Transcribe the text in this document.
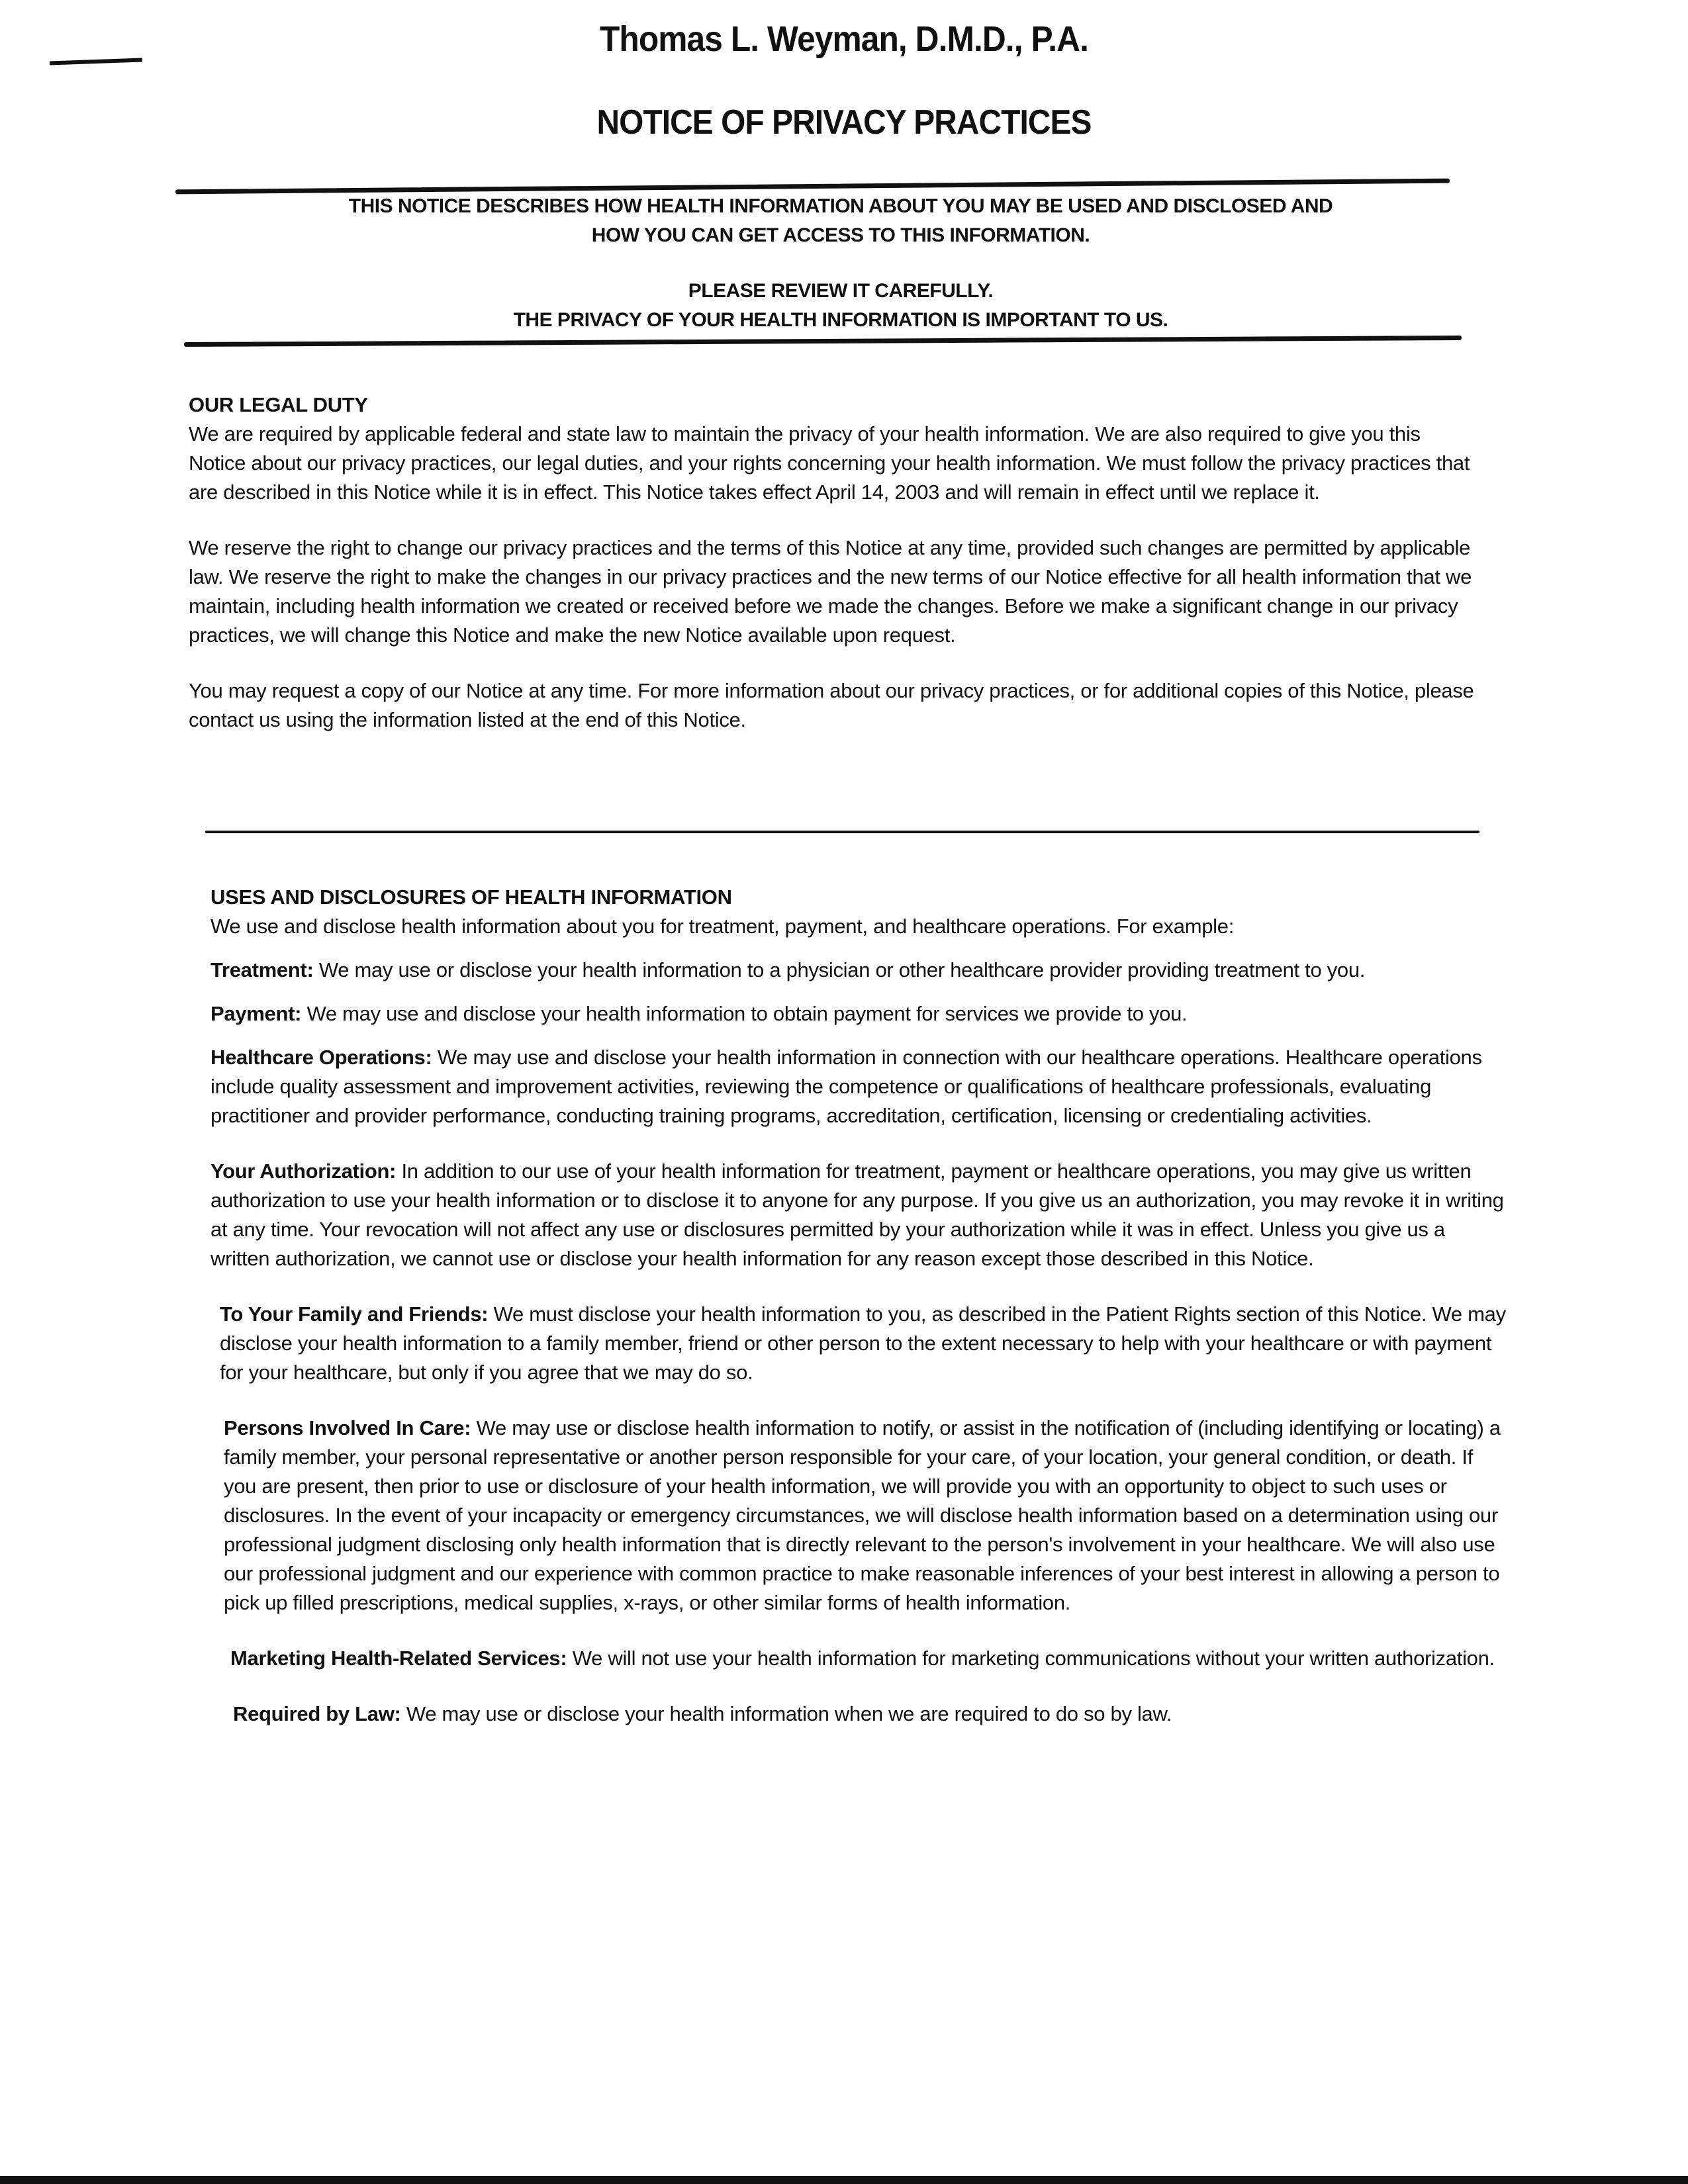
Thomas L. Weyman, D.M.D., P.A.
NOTICE OF PRIVACY PRACTICES
THIS NOTICE DESCRIBES HOW HEALTH INFORMATION ABOUT YOU MAY BE USED AND DISCLOSED AND
HOW YOU CAN GET ACCESS TO THIS INFORMATION.
PLEASE REVIEW IT CAREFULLY.
THE PRIVACY OF YOUR HEALTH INFORMATION IS IMPORTANT TO US.
OUR LEGAL DUTY

We are required by applicable federal and state law to maintain the privacy of your health information. We are also required to give you this Notice about our privacy practices, our legal duties, and your rights concerning your health information. We must follow the privacy practices that are described in this Notice while it is in effect. This Notice takes effect April 14, 2003 and will remain in effect until we replace it.

We reserve the right to change our privacy practices and the terms of this Notice at any time, provided such changes are permitted by applicable law. We reserve the right to make the changes in our privacy practices and the new terms of our Notice effective for all health information that we maintain, including health information we created or received before we made the changes. Before we make a significant change in our privacy practices, we will change this Notice and make the new Notice available upon request.

You may request a copy of our Notice at any time. For more information about our privacy practices, or for additional copies of this Notice, please contact us using the information listed at the end of this Notice.

USES AND DISCLOSURES OF HEALTH INFORMATION

We use and disclose health information about you for treatment, payment, and healthcare operations. For example:

Treatment: We may use or disclose your health information to a physician or other healthcare provider providing treatment to you.

Payment: We may use and disclose your health information to obtain payment for services we provide to you.

Healthcare Operations: We may use and disclose your health information in connection with our healthcare operations. Healthcare operations include quality assessment and improvement activities, reviewing the competence or qualifications of healthcare professionals, evaluating practitioner and provider performance, conducting training programs, accreditation, certification, licensing or credentialing activities.

Your Authorization: In addition to our use of your health information for treatment, payment or healthcare operations, you may give us written authorization to use your health information or to disclose it to anyone for any purpose. If you give us an authorization, you may revoke it in writing at any time. Your revocation will not affect any use or disclosures permitted by your authorization while it was in effect. Unless you give us a written authorization, we cannot use or disclose your health information for any reason except those described in this Notice.

To Your Family and Friends: We must disclose your health information to you, as described in the Patient Rights section of this Notice. We may disclose your health information to a family member, friend or other person to the extent necessary to help with your healthcare or with payment for your healthcare, but only if you agree that we may do so.

Persons Involved In Care: We may use or disclose health information to notify, or assist in the notification of (including identifying or locating) a family member, your personal representative or another person responsible for your care, of your location, your general condition, or death. If you are present, then prior to use or disclosure of your health information, we will provide you with an opportunity to object to such uses or disclosures. In the event of your incapacity or emergency circumstances, we will disclose health information based on a determination using our professional judgment disclosing only health information that is directly relevant to the person's involvement in your healthcare. We will also use our professional judgment and our experience with common practice to make reasonable inferences of your best interest in allowing a person to pick up filled prescriptions, medical supplies, x-rays, or other similar forms of health information.

Marketing Health-Related Services: We will not use your health information for marketing communications without your written authorization.

Required by Law: We may use or disclose your health information when we are required to do so by law.
